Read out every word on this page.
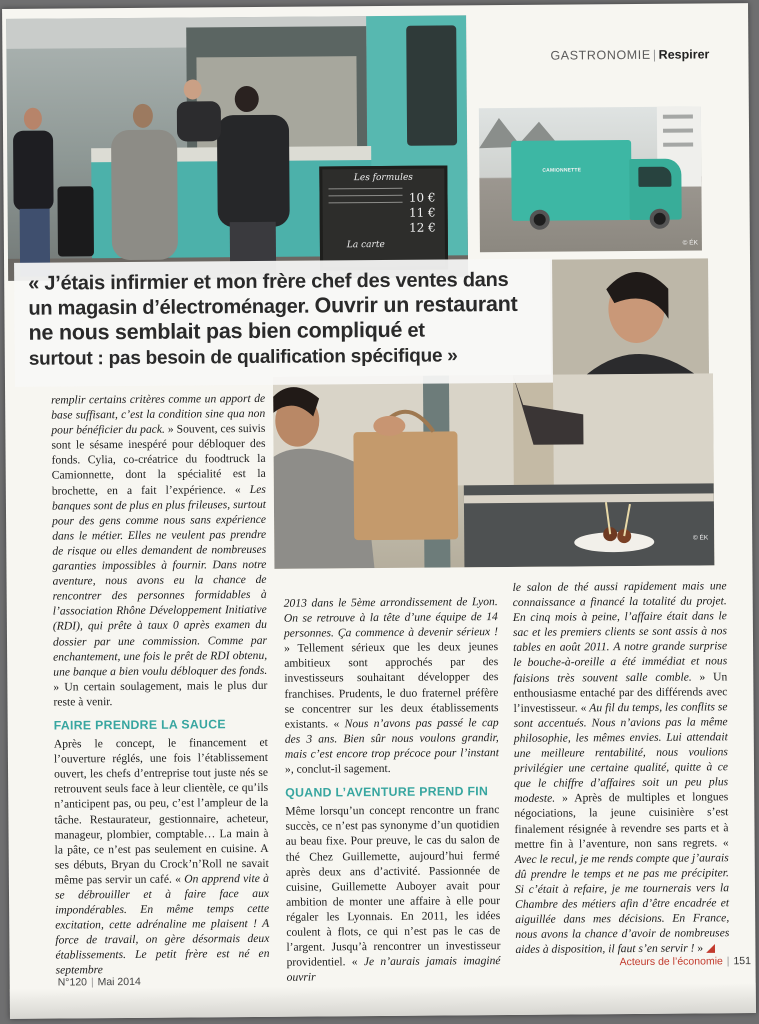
GASTRONOMIE | Respirer
Les formules
10 €
11 €
12 €
La carte
CAMIONNETTE
© ÉK
© ÉK
« J’étais infirmier et mon frère chef des ventes dans
un magasin d’électroménager. Ouvrir un restaurant
ne nous semblait pas bien compliqué et
surtout : pas besoin de qualification spécifique »

remplir certains critères comme un apport de base suffisant, c’est la condition sine qua non pour bénéficier du pack. » Souvent, ces suivis sont le sésame inespéré pour débloquer des fonds. Cylia, co-créatrice du foodtruck la Camionnette, dont la spécialité est la brochette, en a fait l’expérience. « Les banques sont de plus en plus frileuses, surtout pour des gens comme nous sans expérience dans le métier. Elles ne veulent pas prendre de risque ou elles demandent de nombreuses garanties impossibles à fournir. Dans notre aventure, nous avons eu la chance de rencontrer des personnes formidables à l’association Rhône Développement Initiative (RDI), qui prête à taux 0 après examen du dossier par une commission. Comme par enchantement, une fois le prêt de RDI obtenu, une banque a bien voulu débloquer des fonds. » Un certain soulagement, mais le plus dur reste à venir.

FAIRE PRENDRE LA SAUCE

Après le concept, le financement et l’ouverture réglés, une fois l’établissement ouvert, les chefs d’entreprise tout juste nés se retrouvent seuls face à leur clientèle, ce qu’ils n’anticipent pas, ou peu, c’est l’ampleur de la tâche. Restaurateur, gestionnaire, acheteur, manageur, plombier, comptable… La main à la pâte, ce n’est pas seulement en cuisine. A ses débuts, Bryan du Crock’n’Roll ne savait même pas servir un café. « On apprend vite à se débrouiller et à faire face aux impondérables. En même temps cette excitation, cette adrénaline me plaisent ! A force de travail, on gère désormais deux établissements. Le petit frère est né en septembre

2013 dans le 5ème arrondissement de Lyon. On se retrouve à la tête d’une équipe de 14 personnes. Ça commence à devenir sérieux ! » Tellement sérieux que les deux jeunes ambitieux sont approchés par des investisseurs souhaitant développer des franchises. Prudents, le duo fraternel préfère se concentrer sur les deux établissements existants. « Nous n’avons pas passé le cap des 3 ans. Bien sûr nous voulons grandir, mais c’est encore trop précoce pour l’instant », conclut-il sagement.

QUAND L’AVENTURE PREND FIN

Même lorsqu’un concept rencontre un franc succès, ce n’est pas synonyme d’un quotidien au beau fixe. Pour preuve, le cas du salon de thé Chez Guillemette, aujourd’hui fermé après deux ans d’activité. Passionnée de cuisine, Guillemette Auboyer avait pour ambition de monter une affaire à elle pour régaler les Lyonnais. En 2011, les idées coulent à flots, ce qui n’est pas le cas de l’argent. Jusqu’à rencontrer un investisseur providentiel. « Je n’aurais jamais imaginé ouvrir

le salon de thé aussi rapidement mais une connaissance a financé la totalité du projet. En cinq mois à peine, l’affaire était dans le sac et les premiers clients se sont assis à nos tables en août 2011. A notre grande surprise le bouche-à-oreille a été immédiat et nous faisions très souvent salle comble. » Un enthousiasme entaché par des différends avec l’investisseur. « Au fil du temps, les conflits se sont accentués. Nous n’avions pas la même philosophie, les mêmes envies. Lui attendait une meilleure rentabilité, nous voulions privilégier une certaine qualité, quitte à ce que le chiffre d’affaires soit un peu plus modeste. » Après de multiples et longues négociations, la jeune cuisinière s’est finalement résignée à revendre ses parts et à mettre fin à l’aventure, non sans regrets. « Avec le recul, je me rends compte que j’aurais dû prendre le temps et ne pas me précipiter. Si c’était à refaire, je me tournerais vers la Chambre des métiers afin d’être encadrée et aiguillée dans mes décisions. En France, nous avons la chance d’avoir de nombreuses aides à disposition, il faut s’en servir ! » ◢

N°120 | Mai 2014
Acteurs de l’économie | 151
